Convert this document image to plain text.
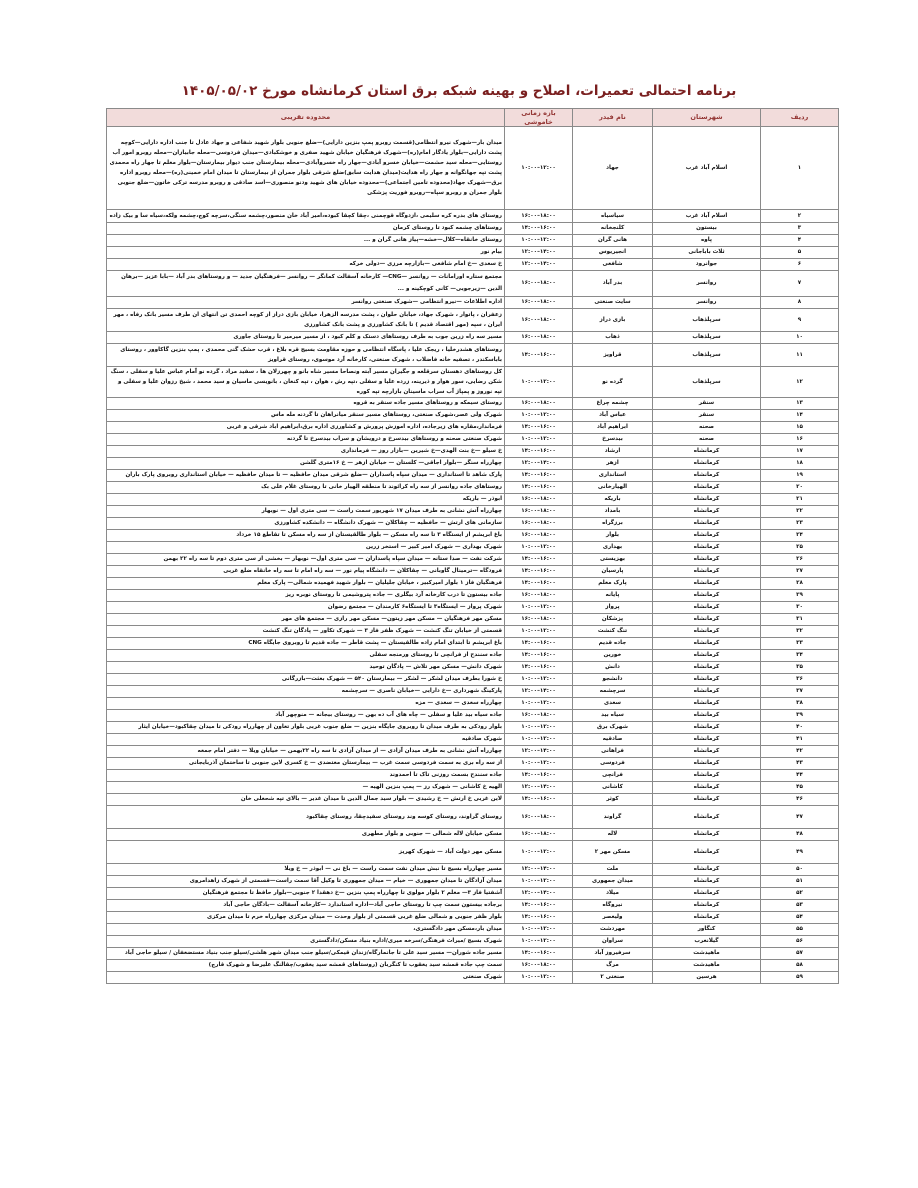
برنامه احتمالی تعمیرات، اصلاح و بهینه شبکه برق استان کرمانشاه مورخ ۱۴۰۵/۰۵/۰۲
ردیف	شهرستان	نام فیدر	بازه زمانی خاموشی	محدوده تقریبی
۱	اسلام آباد غرب	جهاد	۱۰:۰۰–۱۲:۰۰	میدان بار—شهرک نیرو انتظامی(قسمت روبرو پمپ بنزین دارایی)—ضلع جنوبی بلوار شهید شفاعی و جهاد عادل تا جنب اداره دارایی—کوچه پشت دارایی—بلوار یادگار امام(ره)—شهرک فرهنگیان خیابان شهید صفری و خوشکبادی—میدان فردوسی—محله جابیازان—محله روبرو امور آب روستایی—محله سید حشمت—خیابان خسرو آبادی—جهار راه خسروآبادی—محله بیمارستان جنب دیوار بیمارستان—بلوار معلم تا جهار راه محمدی پشت تپه جهانگوانه و جهار راه هدایت(میدان هدایت سابق)ضلع شرقی بلوار جمران از بیمارستان تا میدان امام خمینی(ره)—محله روبرو اداره برق—شهرک جهاد(محدوده تامین اجتماعی)—محدوده خیابان های شهید ودنو منصوری—اسد صادقی و روبرو مدرسه ترکی خاتون—ضلع جنوبی بلوار جمران و روبرو سپاه—روبرو فوریت پزشکی
۲	اسلام آباد غرب	سیاسیاه	۱۶:۰۰–۱۸:۰۰	روستای های بدره کره سلیمی ،ازدوگاه قوچمنی ،چقا کچقا کبوده،امیر آباد خان منصور،چشمه سنگی،سرچه کوچ،چشمه ولکه،سیاه سا و بیک زاده
۳	بیستون	کلنجخانه	۱۴:۰۰–۱۶:۰۰	روستاهای چشمه کبود تا روستای کرمان
۴	پاوه	هانی گران	۱۰:۰۰–۱۲:۰۰	روستای خانقاه—کلال—خشه—پیاز هانی گران و ...
۵	ثلاث باباجانی	انجیریوس	۱۲:۰۰–۱۴:۰۰	بیام نور
۶	جوانرود	شافعی	۱۲:۰۰–۱۴:۰۰	خ سعدی —خ امام شافعی —بازارچه مرزی —دولی خرکه
۷	روانسر	بدر آباد	۱۶:۰۰–۱۸:۰۰	مجتمع ستاره اورامانات — روانسر —CNG— کارخانه آسفالت کمانگر — روانسر —فرهنگیان جدید — و روستاهای بدر آباد —بابا عزیز —برهان الدین —زیرجوبی— کانی کوچکینه و ...
۸	روانسر	سایت صنعتی	۱۶:۰۰–۱۸:۰۰	اداره اطلاعات —نیرو انتظامی —شهرک صنعتی روانسر
۹	سرپلذهاب	بازی دراز	۱۶:۰۰–۱۸:۰۰	زعفران ، پاتوار ، شهرک جهاد، خیابان حلوان ، پشت مدرسه الزهرا، خیابان بازی دراز از کوچه احمدی تن انتهای ان طرف مسیر بانک رفاه ، مهر ایران ، سپه (مهر اقتصاد قدیم ) تا بانک کشاورزی و پشت بانک کشاورزی
۱۰	سرپلذهاب	ذهاب	۱۶:۰۰–۱۸:۰۰	مسیر سه راه زرین جوب به طرف روستاهای دستک و کلم کبود ، از مسیر میرمیر تا روستای جاوری
۱۱	سرپلذهاب	قراویز	۱۴:۰۰–۱۶:۰۰	روستاهای هشدرخلیا ، ریجک علیا ، پاسگاه انتظامی و حوزه مقاومت بسیج قره بلاغ ، قرب حشک گنی محمدی ، پمپ بنزین گاکاوور ، روستای باباسکندر ، تصفیه خانه فاضلاب ، شهرک صنعتی، کارخانه آرد موسوی، روستای قراویز
۱۲	سرپلذهاب	گرده نو	۱۰:۰۰–۱۲:۰۰	کل روستاهای دهستان سرقلعه و جگیران مسیر آبته ونصاحا مسیر شاه بانو و چهرزلان ها ، سفید مراد ، گرده نو آمام عباس علیا و سفلی ، سنگ شکن رضایی، سور هوار و ذیرینه، زرده علیا و سفلی ،تپه رش ، هوان ، تپه کنعان ، بانویسی ماسیان و سید محمد ، شیخ رزوان علیا و سفلی و تپه نوروز و پمپاژ آب سراب ماسینان بازارچه تپه کوره
۱۳	سنقر	چشمه چراغ	۱۶:۰۰–۱۸:۰۰	روستای سیمکه و روستاهای مسیر جاده سنقر به قروه
۱۴	سنقر	عباس آباد	۱۰:۰۰–۱۲:۰۰	شهرک ولی عصر،شهرک صنعتی، روستاهای مسیر سنقر میانراهان تا گردنه مله ماس
۱۵	صحنه	ابراهیم آباد	۱۴:۰۰–۱۶:۰۰	فرماندار،مقاره های زیرجاده، اداره اموزش پرورش و کشاورزی اداره برق،ابراهیم اباد شرقی و غربی
۱۶	صحنه	بیدسرخ	۱۰:۰۰–۱۲:۰۰	شهرک صنعتی صحنه و روستاهای بیدسرخ و درویشان و سراب بیدسرخ تا گردنه
۱۷	کرمانشاه	ارشاد	۱۴:۰۰–۱۶:۰۰	خ سیلو —خ بنت الهدی—خ شیرین —بازار روز — فرمانداری
۱۸	کرمانشاه	ازهر	۱۲:۰۰–۱۴:۰۰	چهارراه سنگر —بلوار اجاقی— کلستان — خیابان ازهر — خ ۱۶متری گلشن
۱۹	کرمانشاه	استانداری	۱۴:۰۰–۱۶:۰۰	پارک شاهد تا استانداری — میدان سپاه پاسداران —ضلع شرقی میدان حافظیه — تا میدان حافظیه — خیابان استانداری روبروی پارک باران
۲۰	کرمانشاه	الهیارخانی	۱۴:۰۰–۱۶:۰۰	روستاهای جاده روانسر از سه راه کرائوند تا منطقه الهیار خانی تا روستای غلام علی بک
۲۱	کرمانشاه	باریکه	۱۶:۰۰–۱۸:۰۰	ابوذر — باریکه
۲۲	کرمانشاه	بامداد	۱۶:۰۰–۱۸:۰۰	چهارراه آتش نشانی به طرف میدان ۱۷ شهریور سمت راست — سی متری اول — نوبهار
۲۳	کرمانشاه	برزگراه	۱۶:۰۰–۱۸:۰۰	سازمانی های ارتش — حافظیه — چقاکلان — شهرک دانشگاه — دانشکده کشاورزی
۲۴	کرمانشاه	بلوار	۱۶:۰۰–۱۸:۰۰	باغ ابریشم از ایستگاه ۳ تا سه راه مسکن — بلوار طالقیستان از سه راه مسکن تا تقاطع ۱۵ خرداد
۲۵	کرمانشاه	بهداری	۱۰:۰۰–۱۲:۰۰	شهرک بهداری — شهرک امیر کبیر — استخر زرین
۲۶	کرمانشاه	بهزیستی	۱۴:۰۰–۱۶:۰۰	شرکت نفت — صدا ستانه — میدان سپاه پاسداران — سی متری اول— نوبهار — بخشی از سی متری دوم تا سه راه ۲۲ بهمن
۲۷	کرمانشاه	پارسیان	۱۴:۰۰–۱۶:۰۰	فرودگاه —ترمینال گاوبانی — چقاکلان — دانشگاه پیام نور — سه راه امام تا سه راه خانقاه ضلع غربی
۲۸	کرمانشاه	پارک معلم	۱۴:۰۰–۱۶:۰۰	فرهنگیان فاز ۱ بلوار امیرکبیر ، خیابان جلیلیان — بلوار شهید فهمیده شمالی— پارک معلم
۲۹	کرمانشاه	پایانه	۱۶:۰۰–۱۸:۰۰	جاده بیستون تا درب کارخانه آرد بیگلری — جاده پتروشیمی تا روستای نوبره ریز
۳۰	کرمانشاه	پرواز	۱۰:۰۰–۱۲:۰۰	شهرک پرواز — ایستگاه۳ تا ایستگاه۶ کارمندان — مجتمع رضوان
۳۱	کرمانشاه	پزشکان	۱۶:۰۰–۱۸:۰۰	مسکن مهر فرهنگیان — مسکن مهر زیتون— مسکن مهر رازی — مجتمع های مهر
۳۲	کرمانشاه	تنگ کنشت	۱۰:۰۰–۱۲:۰۰	قسمتی از خیابان تنگ کنشت — شهرک ظفر فاز ۳ — شهرک تکاور — پادگان تنگ کنشت
۳۳	کرمانشاه	جاده قدیم	۱۴:۰۰–۱۶:۰۰	باغ ابریشم تا ابتدای امام زاده طالقیستان — پشت قاطر — جاده قدیم تا روبروی جایگاه CNG
۳۴	کرمانشاه	خورین	۱۴:۰۰–۱۶:۰۰	جاده سنندج از فرانچی تا روستای ورمنجه سفلی
۳۵	کرمانشاه	دانش	۱۴:۰۰–۱۶:۰۰	شهرک دانش— مسکن مهر تلاش — پادگان توحید
۳۶	کرمانشاه	دانشجو	۱۰:۰۰–۱۲:۰۰	خ شورا بطرف میدان لشکر — لشکر — بیمارستان ۵۴۰ — شهرک بعثت—بازرگانی
۳۷	کرمانشاه	سرچشمه	۱۲:۰۰–۱۴:۰۰	پارکینگ شهرداری —خ دارایی —خیابان ناصری — سرچشمه
۳۸	کرمانشاه	سعدی	۱۰:۰۰–۱۲:۰۰	چهارراه سعدی — سعدی — مزه
۳۹	کرمانشاه	سیاه بید	۱۶:۰۰–۱۸:۰۰	جاده سیاه بید علیا و سفلی — چاه های آب ده بهن — روستای بیجانه — منوچهر آباد
۴۰	کرمانشاه	شهرک برق	۱۰:۰۰–۱۲:۰۰	بلوار رودکی به طرف میدان تا روبروی جایگاه بنزین — ضلع جنوب غربی بلوار تعاون از چهارراه رودکی تا میدان چقاکبود—خیابان ایثار
۴۱	کرمانشاه	صادقیه	۱۰:۰۰–۱۲:۰۰	شهرک صادقیه
۴۲	کرمانشاه	فراهانی	۱۲:۰۰–۱۴:۰۰	چهارراه آتش نشانی به طرف میدان آزادی — از میدان آزادی تا سه راه ۲۲بهمن — خیابان ویلا — دفتر امام جمعه
۴۳	کرمانشاه	فردوسی	۱۰:۰۰–۱۲:۰۰	از سه راه بری به سمت فردوسی سمت غرب — بیمارستان معتضدی — خ کسری لاین جنوبی تا ساختمان آذربایجانی
۴۴	کرمانشاه	فرانچی	۱۴:۰۰–۱۶:۰۰	جاده سنندج بسمت روزنی تاک تا احمدوند
۴۵	کرمانشاه	کاشانی	۱۲:۰۰–۱۴:۰۰	الهیه خ کاشانی — شهرک رز — پمپ بنزین الهیه —
۴۶	کرمانشاه	کوثر	۱۴:۰۰–۱۶:۰۰	لاین غربی خ ارتش — خ رشیدی — بلوار سید جمال الدین تا میدان غدیر — بالای تپه شحعلی خان
۴۷	کرمانشاه	گراوند	۱۶:۰۰–۱۸:۰۰	روستای گراوند، روستای کوسه وند روستای سفیدچقا، روستای چقاکبود
۴۸	کرمانشاه	لاله	۱۶:۰۰–۱۸:۰۰	مسکن خیابان لاله شمالی — جنوبی و بلوار مطهری
۴۹	کرمانشاه	مسکن مهر ۲	۱۰:۰۰–۱۲:۰۰	مسکن مهر دولت آباد — شهرک کهریز
۵۰	کرمانشاه	ملت	۱۲:۰۰–۱۴:۰۰	مسیر چهارراه بسیج تا نبش میدان نفت سمت راست — باغ نی — ابوذر — خ ویلا
۵۱	کرمانشاه	میدان جمهوری	۱۰:۰۰–۱۲:۰۰	میدان آزادگان تا میدان جمهوری — خیام — میدان جمهوری تا وکیل آقا سمت راست—قسمتی از شهرک زاهدامروی
۵۲	کرمانشاه	میلاد	۱۲:۰۰–۱۴:۰۰	آشفتیا فاز ۳— معلم ۲ بلوار مولوی تا چهارراه پمپ بنزین —خ دهقدا ۲ جنوبی—بلوار حافظ تا مجتمع فرهنگیان
۵۳	کرمانشاه	نیروگاه	۱۴:۰۰–۱۶:۰۰	برجاده بیستون سمت چپ تا روستای حاجی آباد—اداره استاندارد —کارخانه آسفالت —بادگان حاجی آباد
۵۴	کرمانشاه	ولیعصر	۱۴:۰۰–۱۶:۰۰	بلوار ظفر جنوبی و شمالی ضلع غربی قسمتی از بلوار وحدت — میدان مرکزی چهارراه خرم تا میدان مرکزی
۵۵	کنگاور	مهردشت	۱۰:۰۰–۱۲:۰۰	میدان بار،مسکن مهر دادگستری،
۵۶	گیلانغرب	سراوان	۱۰:۰۰–۱۲:۰۰	شهرک بسیج /میراث فرهنگی/سرخه میری/اداره بنیاد مسکن/دادگستری
۵۷	ماهیدشت	سرفیروز آباد	۱۴:۰۰–۱۶:۰۰	مسیر جاده شوران— مسیر سید علی تا جانمارگاه/زندان قیمکی/سیلو جنب میدان شهر هلشی/سیلو جنب بنیاد مستضعفان / سیلو حاجی آباد
۵۸	ماهیدشت	مرگ	۱۶:۰۰–۱۸:۰۰	سمت چپ جاده قمشه سید یعقوب تا کنگربان (روستاهای قمشه سید یعقوب/چقالنگ علیرضا و شهرک قارچ)
۵۹	هرسین	صنعتی ۲	۱۰:۰۰–۱۲:۰۰	شهرک صنعتی
